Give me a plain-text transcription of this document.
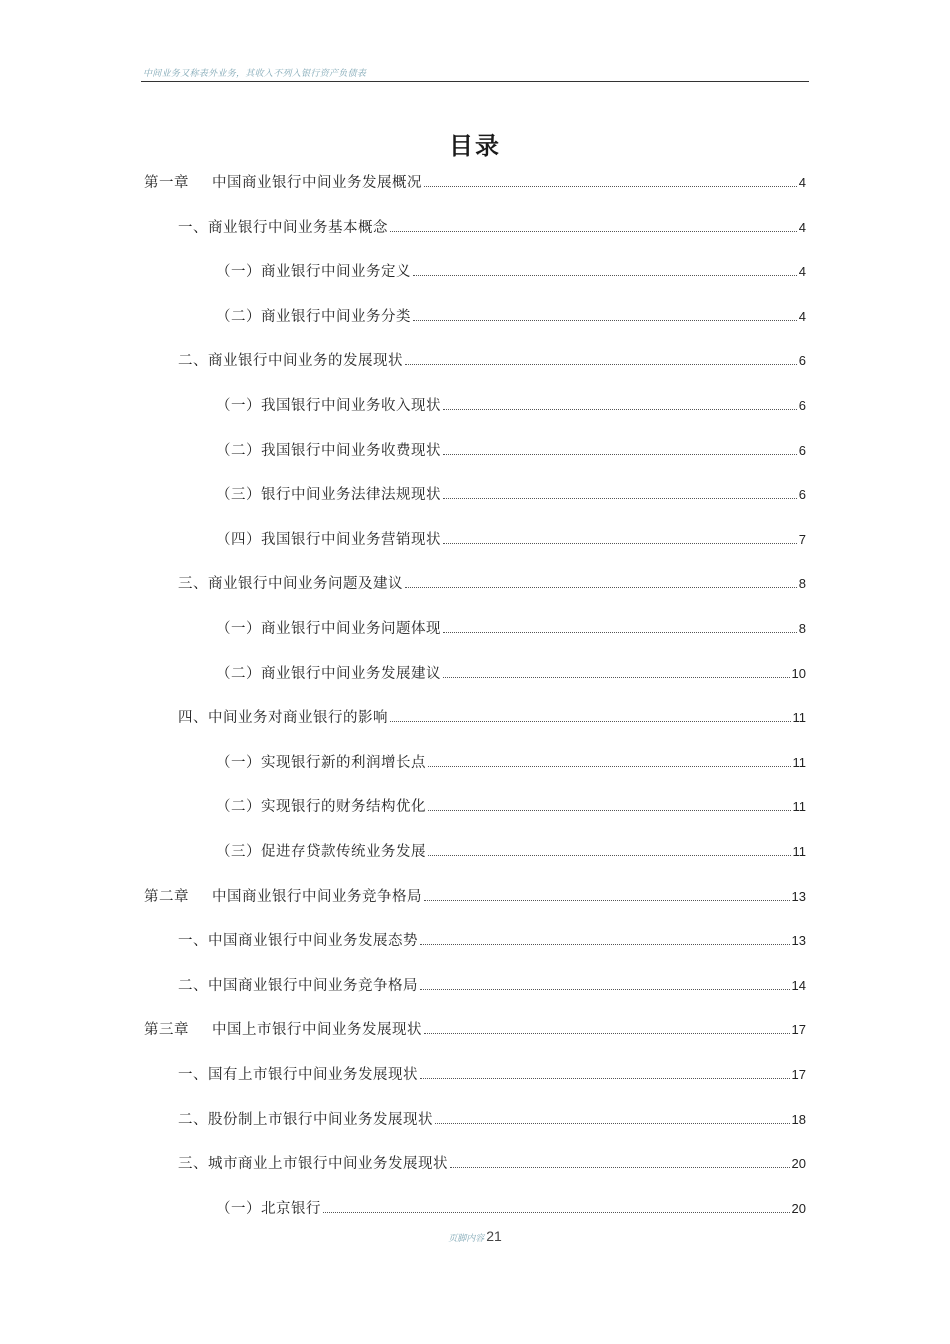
中间业务又称表外业务，其收入不列入银行资产负债表
目录
第一章 中国商业银行中间业务发展概况	4
一、商业银行中间业务基本概念	4
（一）商业银行中间业务定义	4
（二）商业银行中间业务分类	4
二、商业银行中间业务的发展现状	6
（一）我国银行中间业务收入现状	6
（二）我国银行中间业务收费现状	6
（三）银行中间业务法律法规现状	6
（四）我国银行中间业务营销现状	7
三、商业银行中间业务问题及建议	8
（一）商业银行中间业务问题体现	8
（二）商业银行中间业务发展建议	10
四、中间业务对商业银行的影响	11
（一）实现银行新的利润增长点	11
（二）实现银行的财务结构优化	11
（三）促进存贷款传统业务发展	11
第二章 中国商业银行中间业务竞争格局	13
一、中国商业银行中间业务发展态势	13
二、中国商业银行中间业务竞争格局	14
第三章 中国上市银行中间业务发展现状	17
一、国有上市银行中间业务发展现状	17
二、股份制上市银行中间业务发展现状	18
三、城市商业上市银行中间业务发展现状	20
（一）北京银行	20
页脚内容 21
